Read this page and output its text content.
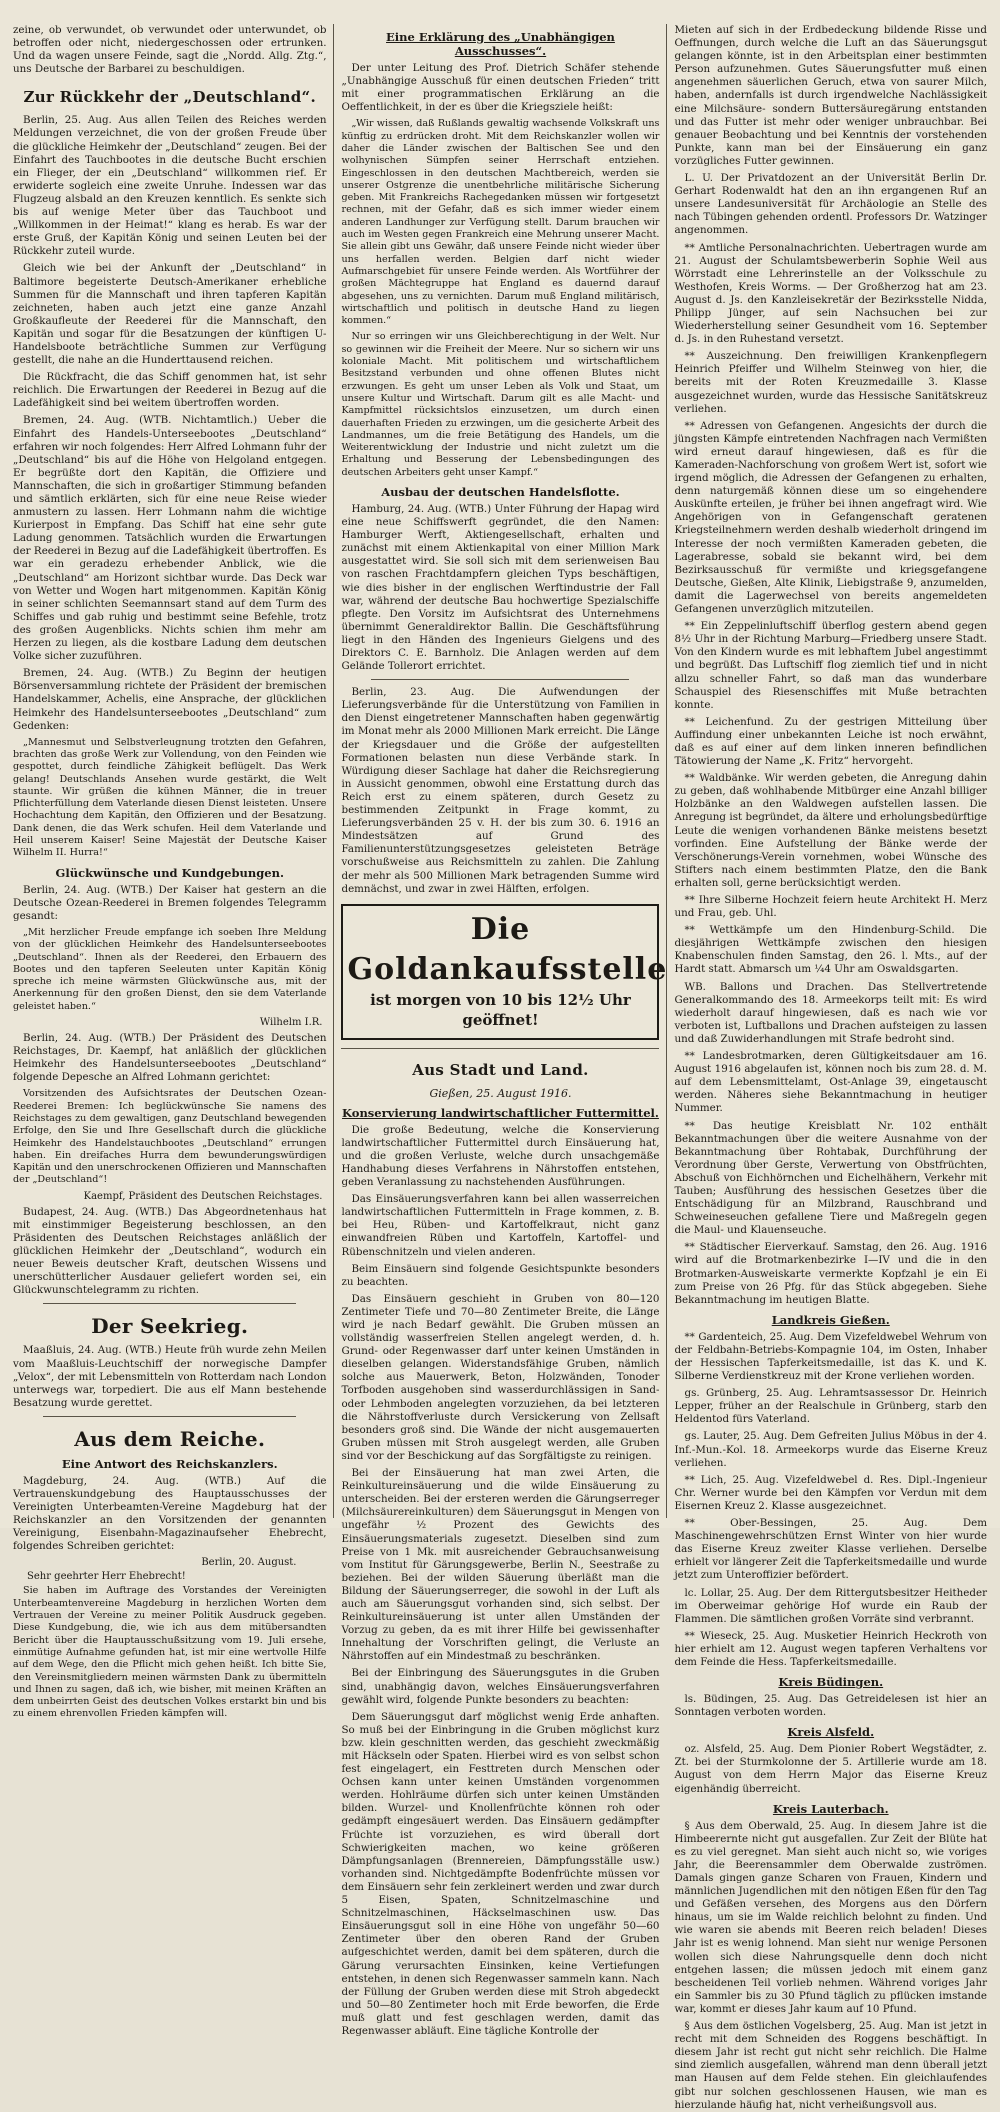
zeine, ob verwundet, ob verwundet oder unterwundet, ob betroffen oder nicht, niedergeschossen oder ertrunken. Und da wagen unsere Feinde, sagt die „Nordd. Allg. Ztg.“, uns Deutsche der Barbarei zu beschuldigen.

Zur Rückkehr der „Deutschland“.

Berlin, 25. Aug. Aus allen Teilen des Reiches werden Meldungen verzeichnet, die von der großen Freude über die glückliche Heimkehr der „Deutschland“ zeugen. Bei der Einfahrt des Tauchbootes in die deutsche Bucht erschien ein Flieger, der ein „Deutschland“ willkommen rief. Er erwiderte sogleich eine zweite Unruhe. Indessen war das Flugzeug alsbald an den Kreuzen kenntlich. Es senkte sich bis auf wenige Meter über das Tauchboot und „Willkommen in der Heimat!“ klang es herab. Es war der erste Gruß, der Kapitän König und seinen Leuten bei der Rückkehr zuteil wurde.

Gleich wie bei der Ankunft der „Deutschland“ in Baltimore begeisterte Deutsch-Amerikaner erhebliche Summen für die Mannschaft und ihren tapferen Kapitän zeichneten, haben auch jetzt eine ganze Anzahl Großkaufleute der Reederei für die Mannschaft, den Kapitän und sogar für die Besatzungen der künftigen U-Handelsboote beträchtliche Summen zur Verfügung gestellt, die nahe an die Hunderttausend reichen.

Die Rückfracht, die das Schiff genommen hat, ist sehr reichlich. Die Erwartungen der Reederei in Bezug auf die Ladefähigkeit sind bei weitem übertroffen worden.

Bremen, 24. Aug. (WTB. Nichtamtlich.) Ueber die Einfahrt des Handels-Unterseebootes „Deutschland“ erfahren wir noch folgendes: Herr Alfred Lohmann fuhr der „Deutschland“ bis auf die Höhe von Helgoland entgegen. Er begrüßte dort den Kapitän, die Offiziere und Mannschaften, die sich in großartiger Stimmung befanden und sämtlich erklärten, sich für eine neue Reise wieder anmustern zu lassen. Herr Lohmann nahm die wichtige Kurierpost in Empfang. Das Schiff hat eine sehr gute Ladung genommen. Tatsächlich wurden die Erwartungen der Reederei in Bezug auf die Ladefähigkeit übertroffen. Es war ein geradezu erhebender Anblick, wie die „Deutschland“ am Horizont sichtbar wurde. Das Deck war von Wetter und Wogen hart mitgenommen. Kapitän König in seiner schlichten Seemannsart stand auf dem Turm des Schiffes und gab ruhig und bestimmt seine Befehle, trotz des großen Augenblicks. Nichts schien ihm mehr am Herzen zu liegen, als die kostbare Ladung dem deutschen Volke sicher zuzuführen.

Bremen, 24. Aug. (WTB.) Zu Beginn der heutigen Börsenversammlung richtete der Präsident der bremischen Handelskammer, Achelis, eine Ansprache, der glücklichen Heimkehr des Handelsunterseebootes „Deutschland“ zum Gedenken:

„Mannesmut und Selbstverleugnung trotzten den Gefahren, brachten das große Werk zur Vollendung, von den Feinden wie gespottet, durch feindliche Zähigkeit beflügelt. Das Werk gelang! Deutschlands Ansehen wurde gestärkt, die Welt staunte. Wir grüßen die kühnen Männer, die in treuer Pflichterfüllung dem Vaterlande diesen Dienst leisteten. Unsere Hochachtung dem Kapitän, den Offizieren und der Besatzung. Dank denen, die das Werk schufen. Heil dem Vaterlande und Heil unserem Kaiser! Seine Majestät der Deutsche Kaiser Wilhelm II. Hurra!“

Glückwünsche und Kundgebungen.

Berlin, 24. Aug. (WTB.) Der Kaiser hat gestern an die Deutsche Ozean-Reederei in Bremen folgendes Telegramm gesandt:

„Mit herzlicher Freude empfange ich soeben Ihre Meldung von der glücklichen Heimkehr des Handelsunterseebootes „Deutschland“. Ihnen als der Reederei, den Erbauern des Bootes und den tapferen Seeleuten unter Kapitän König spreche ich meine wärmsten Glückwünsche aus, mit der Anerkennung für den großen Dienst, den sie dem Vaterlande geleistet haben.“

Wilhelm I.R.

Berlin, 24. Aug. (WTB.) Der Präsident des Deutschen Reichstages, Dr. Kaempf, hat anläßlich der glücklichen Heimkehr des Handelsunterseebootes „Deutschland“ folgende Depesche an Alfred Lohmann gerichtet:

Vorsitzenden des Aufsichtsrates der Deutschen Ozean-Reederei Bremen: Ich beglückwünsche Sie namens des Reichstages zu dem gewaltigen, ganz Deutschland bewegenden Erfolge, den Sie und Ihre Gesellschaft durch die glückliche Heimkehr des Handelstauchbootes „Deutschland“ errungen haben. Ein dreifaches Hurra dem bewunderungswürdigen Kapitän und den unerschrockenen Offizieren und Mannschaften der „Deutschland“!

Kaempf, Präsident des Deutschen Reichstages.

Budapest, 24. Aug. (WTB.) Das Abgeordnetenhaus hat mit einstimmiger Begeisterung beschlossen, an den Präsidenten des Deutschen Reichstages anläßlich der glücklichen Heimkehr der „Deutschland“, wodurch ein neuer Beweis deutscher Kraft, deutschen Wissens und unerschütterlicher Ausdauer geliefert worden sei, ein Glückwunschtelegramm zu richten.

Der Seekrieg.

Maaßluis, 24. Aug. (WTB.) Heute früh wurde zehn Meilen vom Maaßluis-Leuchtschiff der norwegische Dampfer „Velox“, der mit Lebensmitteln von Rotterdam nach London unterwegs war, torpediert. Die aus elf Mann bestehende Besatzung wurde gerettet.

Aus dem Reiche.
Eine Antwort des Reichskanzlers.

Magdeburg, 24. Aug. (WTB.) Auf die Vertrauenskundgebung des Hauptausschusses der Vereinigten Unterbeamten-Vereine Magdeburg hat der Reichskanzler an den Vorsitzenden der genannten Vereinigung, Eisenbahn-Magazinaufseher Ehebrecht, folgendes Schreiben gerichtet:

Berlin, 20. August.
Sehr geehrter Herr Ehebrecht!

Sie haben im Auftrage des Vorstandes der Vereinigten Unterbeamtenvereine Magdeburg in herzlichen Worten dem Vertrauen der Vereine zu meiner Politik Ausdruck gegeben. Diese Kundgebung, die, wie ich aus dem mitübersandten Bericht über die Hauptausschußsitzung vom 19. Juli ersehe, einmütige Aufnahme gefunden hat, ist mir eine wertvolle Hilfe auf dem Wege, den die Pflicht mich gehen heißt. Ich bitte Sie, den Vereinsmitgliedern meinen wärmsten Dank zu übermitteln und Ihnen zu sagen, daß ich, wie bisher, mit meinen Kräften an dem unbeirrten Geist des deutschen Volkes erstarkt bin und bis zu einem ehrenvollen Frieden kämpfen will.

Eine Erklärung des „Unabhängigen Ausschusses“.

Der unter Leitung des Prof. Dietrich Schäfer stehende „Unabhängige Ausschuß für einen deutschen Frieden“ tritt mit einer programmatischen Erklärung an die Oeffentlichkeit, in der es über die Kriegsziele heißt:

„Wir wissen, daß Rußlands gewaltig wachsende Volkskraft uns künftig zu erdrücken droht. Mit dem Reichskanzler wollen wir daher die Länder zwischen der Baltischen See und den wolhynischen Sümpfen seiner Herrschaft entziehen. Eingeschlossen in den deutschen Machtbereich, werden sie unserer Ostgrenze die unentbehrliche militärische Sicherung geben. Mit Frankreichs Rachegedanken müssen wir fortgesetzt rechnen, mit der Gefahr, daß es sich immer wieder einem anderen Landhunger zur Verfügung stellt. Darum brauchen wir auch im Westen gegen Frankreich eine Mehrung unserer Macht. Sie allein gibt uns Gewähr, daß unsere Feinde nicht wieder über uns herfallen werden. Belgien darf nicht wieder Aufmarschgebiet für unsere Feinde werden. Als Wortführer der großen Mächtegruppe hat England es dauernd darauf abgesehen, uns zu vernichten. Darum muß England militärisch, wirtschaftlich und politisch in deutsche Hand zu liegen kommen.“

Nur so erringen wir uns Gleichberechtigung in der Welt. Nur so gewinnen wir die Freiheit der Meere. Nur so sichern wir uns koloniale Macht. Mit politischem und wirtschaftlichem Besitzstand verbunden und ohne offenen Blutes nicht erzwungen. Es geht um unser Leben als Volk und Staat, um unsere Kultur und Wirtschaft. Darum gilt es alle Macht- und Kampfmittel rücksichtslos einzusetzen, um durch einen dauerhaften Frieden zu erzwingen, um die gesicherte Arbeit des Landmannes, um die freie Betätigung des Handels, um die Weiterentwicklung der Industrie und nicht zuletzt um die Erhaltung und Besserung der Lebensbedingungen des deutschen Arbeiters geht unser Kampf.“

Ausbau der deutschen Handelsflotte.

Hamburg, 24. Aug. (WTB.) Unter Führung der Hapag wird eine neue Schiffswerft gegründet, die den Namen: Hamburger Werft, Aktiengesellschaft, erhalten und zunächst mit einem Aktienkapital von einer Million Mark ausgestattet wird. Sie soll sich mit dem serienweisen Bau von raschen Frachtdampfern gleichen Typs beschäftigen, wie dies bisher in der englischen Werftindustrie der Fall war, während der deutsche Bau hochwertige Spezialschiffe pflegte. Den Vorsitz im Aufsichtsrat des Unternehmens übernimmt Generaldirektor Ballin. Die Geschäftsführung liegt in den Händen des Ingenieurs Gielgens und des Direktors C. E. Barnholz. Die Anlagen werden auf dem Gelände Tollerort errichtet.

Berlin, 23. Aug. Die Aufwendungen der Lieferungsverbände für die Unterstützung von Familien in den Dienst eingetretener Mannschaften haben gegenwärtig im Monat mehr als 2000 Millionen Mark erreicht. Die Länge der Kriegsdauer und die Größe der aufgestellten Formationen belasten nun diese Verbände stark. In Würdigung dieser Sachlage hat daher die Reichsregierung in Aussicht genommen, obwohl eine Erstattung durch das Reich erst zu einem späteren, durch Gesetz zu bestimmenden Zeitpunkt in Frage kommt, zu Lieferungsverbänden 25 v. H. der bis zum 30. 6. 1916 an Mindestsätzen auf Grund des Familienunterstützungsgesetzes geleisteten Beträge vorschußweise aus Reichsmitteln zu zahlen. Die Zahlung der mehr als 500 Millionen Mark betragenden Summe wird demnächst, und zwar in zwei Hälften, erfolgen.

Die Goldankaufsstelle
ist morgen von 10 bis 12½ Uhr geöffnet!
Aus Stadt und Land.
Gießen, 25. August 1916.
Konservierung landwirtschaftlicher Futtermittel.

Die große Bedeutung, welche die Konservierung landwirtschaftlicher Futtermittel durch Einsäuerung hat, und die großen Verluste, welche durch unsachgemäße Handhabung dieses Verfahrens in Nährstoffen entstehen, geben Veranlassung zu nachstehenden Ausführungen.

Das Einsäuerungsverfahren kann bei allen wasserreichen landwirtschaftlichen Futtermitteln in Frage kommen, z. B. bei Heu, Rüben- und Kartoffelkraut, nicht ganz einwandfreien Rüben und Kartoffeln, Kartoffel- und Rübenschnitzeln und vielen anderen.

Beim Einsäuern sind folgende Gesichtspunkte besonders zu beachten.

Das Einsäuern geschieht in Gruben von 80—120 Zentimeter Tiefe und 70—80 Zentimeter Breite, die Länge wird je nach Bedarf gewählt. Die Gruben müssen an vollständig wasserfreien Stellen angelegt werden, d. h. Grund- oder Regenwasser darf unter keinen Umständen in dieselben gelangen. Widerstandsfähige Gruben, nämlich solche aus Mauerwerk, Beton, Holzwänden, Tonoder Torfboden ausgehoben sind wasserdurchlässigen in Sand- oder Lehmboden angelegten vorzuziehen, da bei letzteren die Nährstoffverluste durch Versickerung von Zellsaft besonders groß sind. Die Wände der nicht ausgemauerten Gruben müssen mit Stroh ausgelegt werden, alle Gruben sind vor der Beschickung auf das Sorgfältigste zu reinigen.

Bei der Einsäuerung hat man zwei Arten, die Reinkultureinsäuerung und die wilde Einsäuerung zu unterscheiden. Bei der ersteren werden die Gärungserreger (Milchsäurereinkulturen) dem Säuerungsgut in Mengen von ungefähr ½ Prozent des Gewichts des Einsäuerungsmaterials zugesetzt. Dieselben sind zum Preise von 1 Mk. mit ausreichender Gebrauchsanweisung vom Institut für Gärungsgewerbe, Berlin N., Seestraße zu beziehen. Bei der wilden Säuerung überläßt man die Bildung der Säuerungserreger, die sowohl in der Luft als auch am Säuerungsgut vorhanden sind, sich selbst. Der Reinkultureinsäuerung ist unter allen Umständen der Vorzug zu geben, da es mit ihrer Hilfe bei gewissenhafter Innehaltung der Vorschriften gelingt, die Verluste an Nährstoffen auf ein Mindestmaß zu beschränken.

Bei der Einbringung des Säuerungsgutes in die Gruben sind, unabhängig davon, welches Einsäuerungsverfahren gewählt wird, folgende Punkte besonders zu beachten:

Dem Säuerungsgut darf möglichst wenig Erde anhaften. So muß bei der Einbringung in die Gruben möglichst kurz bzw. klein geschnitten werden, das geschieht zweckmäßig mit Häckseln oder Spaten. Hierbei wird es von selbst schon fest eingelagert, ein Festtreten durch Menschen oder Ochsen kann unter keinen Umständen vorgenommen werden. Hohlräume dürfen sich unter keinen Umständen bilden. Wurzel- und Knollenfrüchte können roh oder gedämpft eingesäuert werden. Das Einsäuern gedämpfter Früchte ist vorzuziehen, es wird überall dort Schwierigkeiten machen, wo keine größeren Dämpfungsanlagen (Brennereien, Dämpfungsställe usw.) vorhanden sind. Nichtgedämpfte Bodenfrüchte müssen vor dem Einsäuern sehr fein zerkleinert werden und zwar durch 5 Eisen, Spaten, Schnitzelmaschine und Schnitzelmaschinen, Häckselmaschinen usw. Das Einsäuerungsgut soll in eine Höhe von ungefähr 50—60 Zentimeter über den oberen Rand der Gruben aufgeschichtet werden, damit bei dem späteren, durch die Gärung verursachten Einsinken, keine Vertiefungen entstehen, in denen sich Regenwasser sammeln kann. Nach der Füllung der Gruben werden diese mit Stroh abgedeckt und 50—80 Zentimeter hoch mit Erde beworfen, die Erde muß glatt und fest geschlagen werden, damit das Regenwasser abläuft. Eine tägliche Kontrolle der

Mieten auf sich in der Erdbedeckung bildende Risse und Oeffnungen, durch welche die Luft an das Säuerungsgut gelangen könnte, ist in den Arbeitsplan einer bestimmten Person aufzunehmen. Gutes Säuerungsfutter muß einen angenehmen säuerlichen Geruch, etwa von saurer Milch, haben, andernfalls ist durch irgendwelche Nachlässigkeit eine Milchsäure- sondern Buttersäuregärung entstanden und das Futter ist mehr oder weniger unbrauchbar. Bei genauer Beobachtung und bei Kenntnis der vorstehenden Punkte, kann man bei der Einsäuerung ein ganz vorzügliches Futter gewinnen.

L. U. Der Privatdozent an der Universität Berlin Dr. Gerhart Rodenwaldt hat den an ihn ergangenen Ruf an unsere Landesuniversität für Archäologie an Stelle des nach Tübingen gehenden ordentl. Professors Dr. Watzinger angenommen.

** Amtliche Personalnachrichten. Uebertragen wurde am 21. August der Schulamtsbewerberin Sophie Weil aus Wörrstadt eine Lehrerinstelle an der Volksschule zu Westhofen, Kreis Worms. — Der Großherzog hat am 23. August d. Js. den Kanzleisekretär der Bezirksstelle Nidda, Philipp Jünger, auf sein Nachsuchen bei zur Wiederherstellung seiner Gesundheit vom 16. September d. Js. in den Ruhestand versetzt.

** Auszeichnung. Den freiwilligen Krankenpflegern Heinrich Pfeiffer und Wilhelm Steinweg von hier, die bereits mit der Roten Kreuzmedaille 3. Klasse ausgezeichnet wurden, wurde das Hessische Sanitätskreuz verliehen.

** Adressen von Gefangenen. Angesichts der durch die jüngsten Kämpfe eintretenden Nachfragen nach Vermißten wird erneut darauf hingewiesen, daß es für die Kameraden-Nachforschung von großem Wert ist, sofort wie irgend möglich, die Adressen der Gefangenen zu erhalten, denn naturgemäß können diese um so eingehendere Auskünfte erteilen, je früher bei ihnen angefragt wird. Wie Angehörigen von in Gefangenschaft geratenen Kriegsteilnehmern werden deshalb wiederholt dringend im Interesse der noch vermißten Kameraden gebeten, die Lagerabresse, sobald sie bekannt wird, bei dem Bezirksausschuß für vermißte und kriegsgefangene Deutsche, Gießen, Alte Klinik, Liebigstraße 9, anzumelden, damit die Lagerwechsel von bereits angemeldeten Gefangenen unverzüglich mitzuteilen.

** Ein Zeppelinluftschiff überflog gestern abend gegen 8½ Uhr in der Richtung Marburg—Friedberg unsere Stadt. Von den Kindern wurde es mit lebhaftem Jubel angestimmt und begrüßt. Das Luftschiff flog ziemlich tief und in nicht allzu schneller Fahrt, so daß man das wunderbare Schauspiel des Riesenschiffes mit Muße betrachten konnte.

** Leichenfund. Zu der gestrigen Mitteilung über Auffindung einer unbekannten Leiche ist noch erwähnt, daß es auf einer auf dem linken inneren befindlichen Tätowierung der Name „K. Fritz“ hervorgeht.

** Waldbänke. Wir werden gebeten, die Anregung dahin zu geben, daß wohlhabende Mitbürger eine Anzahl billiger Holzbänke an den Waldwegen aufstellen lassen. Die Anregung ist begründet, da ältere und erholungsbedürftige Leute die wenigen vorhandenen Bänke meistens besetzt vorfinden. Eine Aufstellung der Bänke werde der Verschönerungs-Verein vornehmen, wobei Wünsche des Stifters nach einem bestimmten Platze, den die Bank erhalten soll, gerne berücksichtigt werden.

** Ihre Silberne Hochzeit feiern heute Architekt H. Merz und Frau, geb. Uhl.

** Wettkämpfe um den Hindenburg-Schild. Die diesjährigen Wettkämpfe zwischen den hiesigen Knabenschulen finden Samstag, den 26. l. Mts., auf der Hardt statt. Abmarsch um ¼4 Uhr am Oswaldsgarten.

WB. Ballons und Drachen. Das Stellvertretende Generalkommando des 18. Armeekorps teilt mit: Es wird wiederholt darauf hingewiesen, daß es nach wie vor verboten ist, Luftballons und Drachen aufsteigen zu lassen und daß Zuwiderhandlungen mit Strafe bedroht sind.

** Landesbrotmarken, deren Gültigkeitsdauer am 16. August 1916 abgelaufen ist, können noch bis zum 28. d. M. auf dem Lebensmittelamt, Ost-Anlage 39, eingetauscht werden. Näheres siehe Bekanntmachung in heutiger Nummer.

** Das heutige Kreisblatt Nr. 102 enthält Bekanntmachungen über die weitere Ausnahme von der Bekanntmachung über Rohtabak, Durchführung der Verordnung über Gerste, Verwertung von Obstfrüchten, Abschuß von Eichhörnchen und Eichelhähern, Verkehr mit Tauben; Ausführung des hessischen Gesetzes über die Entschädigung für an Milzbrand, Rauschbrand und Schweineseuchen gefallene Tiere und Maßregeln gegen die Maul- und Klauenseuche.

** Städtischer Eierverkauf. Samstag, den 26. Aug. 1916 wird auf die Brotmarkenbezirke I—IV und die in den Brotmarken-Ausweiskarte vermerkte Kopfzahl je ein Ei zum Preise von 26 Pfg. für das Stück abgegeben. Siehe Bekanntmachung im heutigen Blatte.

Landkreis Gießen.

** Gardenteich, 25. Aug. Dem Vizefeldwebel Wehrum von der Feldbahn-Betriebs-Kompagnie 104, im Osten, Inhaber der Hessischen Tapferkeitsmedaille, ist das K. und K. Silberne Verdienstkreuz mit der Krone verliehen worden.

gs. Grünberg, 25. Aug. Lehramtsassessor Dr. Heinrich Lepper, früher an der Realschule in Grünberg, starb den Heldentod fürs Vaterland.

gs. Lauter, 25. Aug. Dem Gefreiten Julius Möbus in der 4. Inf.-Mun.-Kol. 18. Armeekorps wurde das Eiserne Kreuz verliehen.

** Lich, 25. Aug. Vizefeldwebel d. Res. Dipl.-Ingenieur Chr. Werner wurde bei den Kämpfen vor Verdun mit dem Eisernen Kreuz 2. Klasse ausgezeichnet.

** Ober-Bessingen, 25. Aug. Dem Maschinengewehrschützen Ernst Winter von hier wurde das Eiserne Kreuz zweiter Klasse verliehen. Derselbe erhielt vor längerer Zeit die Tapferkeitsmedaille und wurde jetzt zum Unteroffizier befördert.

lc. Lollar, 25. Aug. Der dem Rittergutsbesitzer Heitheder im Oberweimar gehörige Hof wurde ein Raub der Flammen. Die sämtlichen großen Vorräte sind verbrannt.

** Wieseck, 25. Aug. Musketier Heinrich Heckroth von hier erhielt am 12. August wegen tapferen Verhaltens vor dem Feinde die Hess. Tapferkeitsmedaille.

Kreis Büdingen.

ls. Büdingen, 25. Aug. Das Getreidelesen ist hier an Sonntagen verboten worden.

Kreis Alsfeld.

oz. Alsfeld, 25. Aug. Dem Pionier Robert Wegstädter, z. Zt. bei der Sturmkolonne der 5. Artillerie wurde am 18. August von dem Herrn Major das Eiserne Kreuz eigenhändig überreicht.

Kreis Lauterbach.

§ Aus dem Oberwald, 25. Aug. In diesem Jahre ist die Himbeerernte nicht gut ausgefallen. Zur Zeit der Blüte hat es zu viel geregnet. Man sieht auch nicht so, wie voriges Jahr, die Beerensammler dem Oberwalde zuströmen. Damals gingen ganze Scharen von Frauen, Kindern und männlichen Jugendlichen mit den nötigen Eßen für den Tag und Gefäßen versehen, des Morgens aus den Dörfern hinaus, um sie im Walde reichlich belohnt zu finden. Und wie waren sie abends mit Beeren reich beladen! Dieses Jahr ist es wenig lohnend. Man sieht nur wenige Personen wollen sich diese Nahrungsquelle denn doch nicht entgehen lassen; die müssen jedoch mit einem ganz bescheidenen Teil vorlieb nehmen. Während voriges Jahr ein Sammler bis zu 30 Pfund täglich zu pflücken imstande war, kommt er dieses Jahr kaum auf 10 Pfund.

§ Aus dem östlichen Vogelsberg, 25. Aug. Man ist jetzt in recht mit dem Schneiden des Roggens beschäftigt. In diesem Jahr ist recht gut nicht sehr reichlich. Die Halme sind ziemlich ausgefallen, während man denn überall jetzt man Hausen auf dem Felde stehen. Ein gleichlaufendes gibt nur solchen geschlossenen Hausen, wie man es hierzulande häufig hat, nicht verheißungsvoll aus.
